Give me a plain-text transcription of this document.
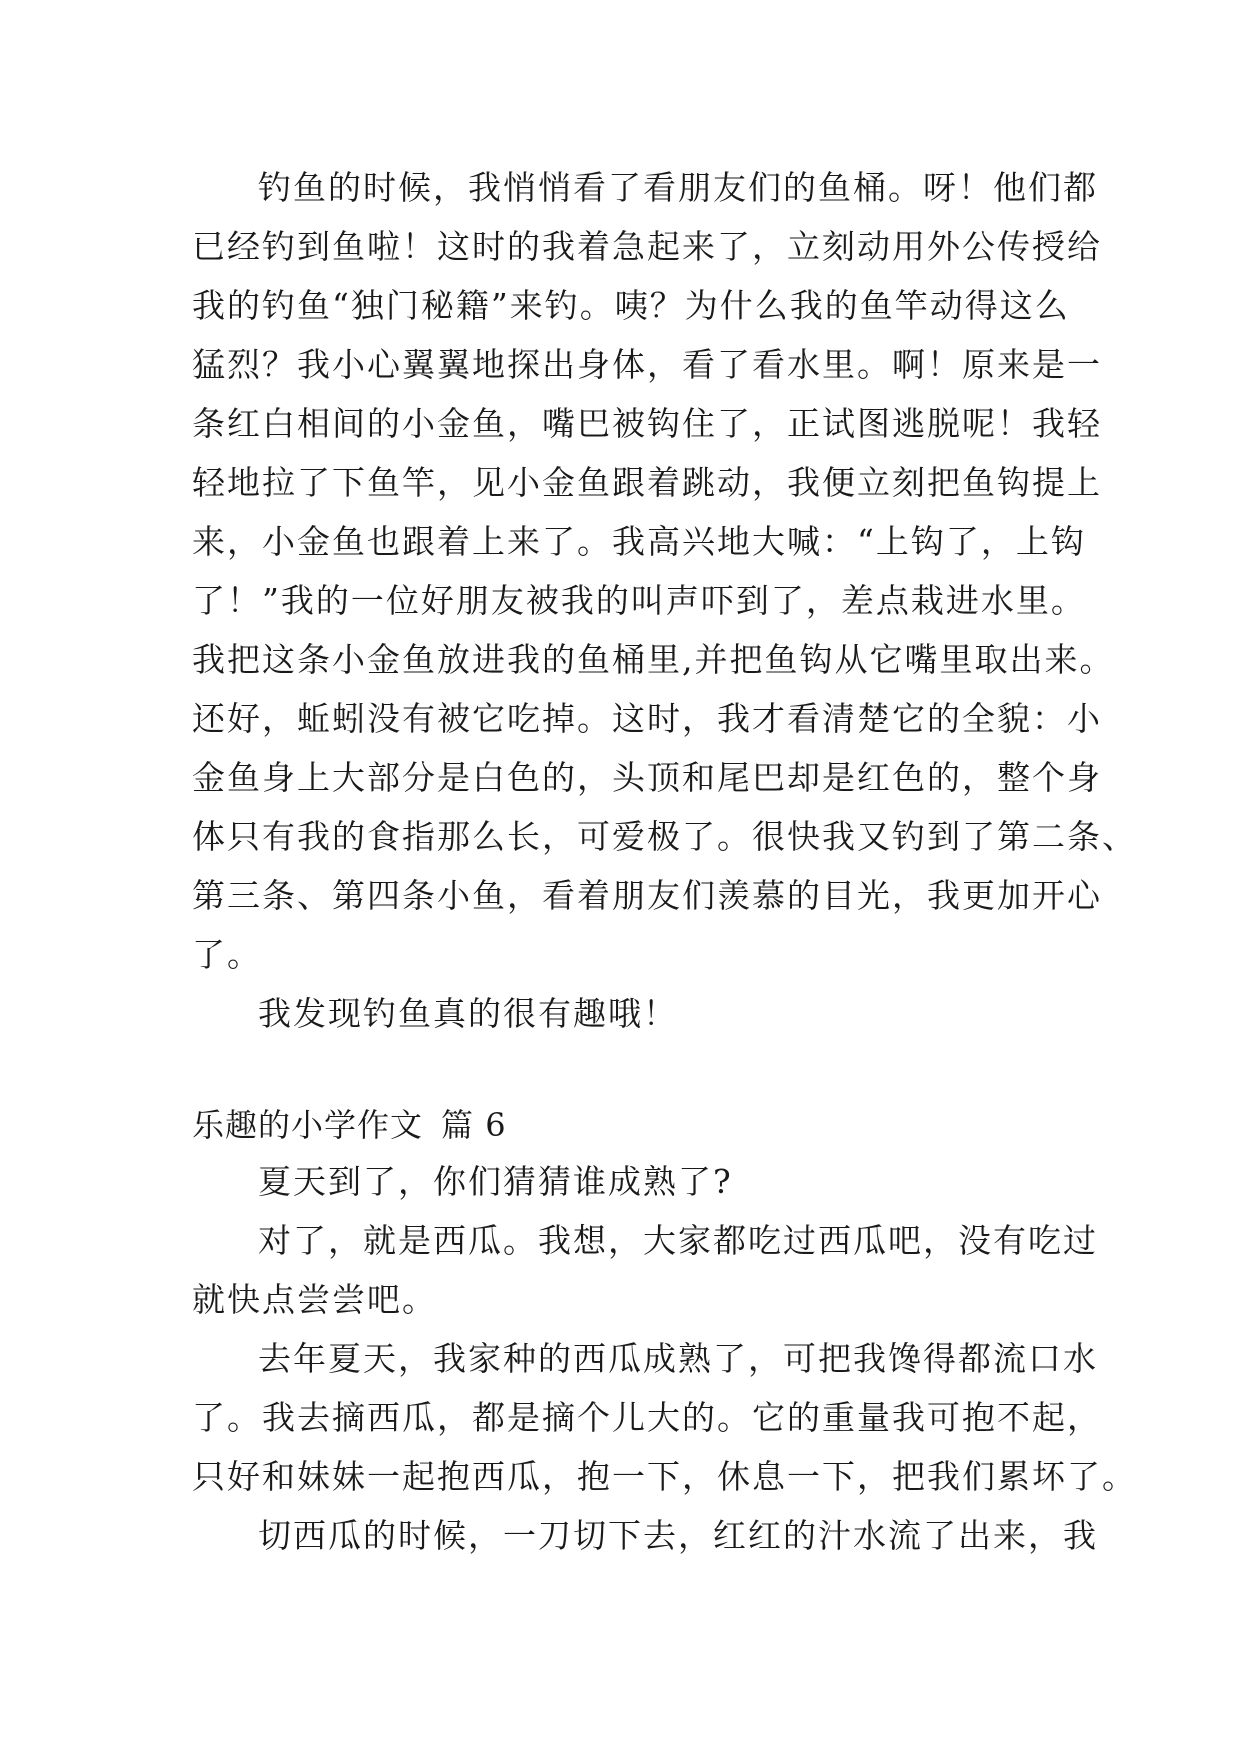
钓鱼的时候，我悄悄看了看朋友们的鱼桶。呀！他们都
已经钓到鱼啦！这时的我着急起来了，立刻动用外公传授给
我的钓鱼“独门秘籍”来钓。咦？为什么我的鱼竿动得这么
猛烈？我小心翼翼地探出身体，看了看水里。啊！原来是一
条红白相间的小金鱼，嘴巴被钩住了，正试图逃脱呢！我轻
轻地拉了下鱼竿，见小金鱼跟着跳动，我便立刻把鱼钩提上
来，小金鱼也跟着上来了。我高兴地大喊：“上钩了，上钩
了！”我的一位好朋友被我的叫声吓到了，差点栽进水里。
我把这条小金鱼放进我的鱼桶里,并把鱼钩从它嘴里取出来。
还好，蚯蚓没有被它吃掉。这时，我才看清楚它的全貌：小
金鱼身上大部分是白色的，头顶和尾巴却是红色的，整个身
体只有我的食指那么长，可爱极了。很快我又钓到了第二条、
第三条、第四条小鱼，看着朋友们羡慕的目光，我更加开心
了。
我发现钓鱼真的很有趣哦！
乐趣的小学作文 篇 6
夏天到了，你们猜猜谁成熟了?
对了，就是西瓜。我想，大家都吃过西瓜吧，没有吃过
就快点尝尝吧。
去年夏天，我家种的西瓜成熟了，可把我馋得都流口水
了。我去摘西瓜，都是摘个儿大的。它的重量我可抱不起，
只好和妹妹一起抱西瓜，抱一下，休息一下，把我们累坏了。
切西瓜的时候，一刀切下去，红红的汁水流了出来，我
